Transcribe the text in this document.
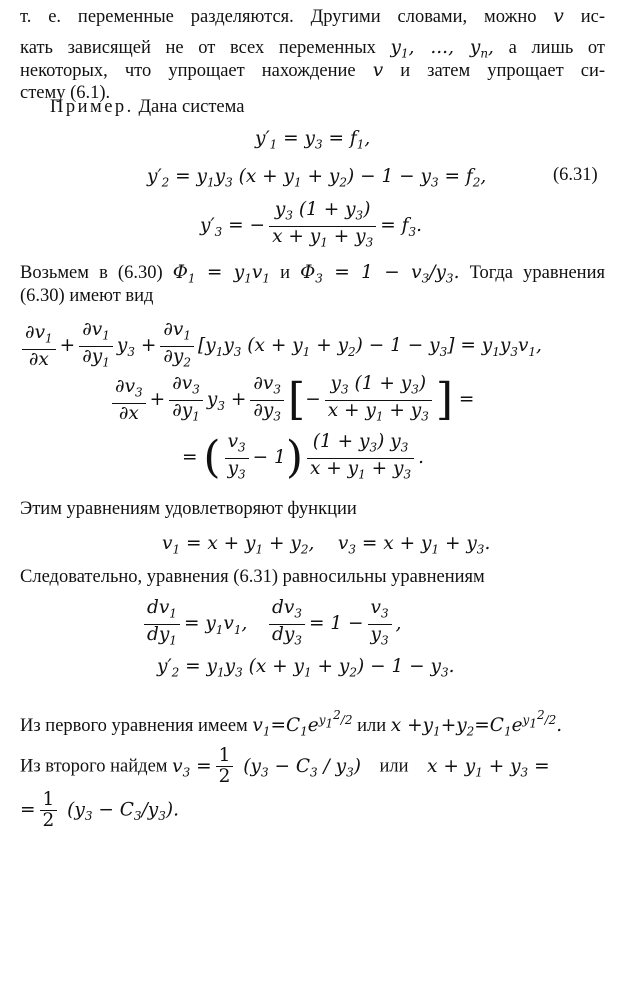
т. е. переменные разделяются. Другими словами, можно v ис-
кать зависящей не от всех переменных $y_1$, ..., $y_n$, а лишь от
некоторых, что упрощает нахождение v и затем упрощает си-
стему (6.1).
Пример. Дана система
$y'_1 = y_3 = f_1$,
$y'_2 = y_1y_3$ $(x + y_1 + y_2) - 1 - y_3 = f_2$,	(6.31)
$y'_3$ = − $\frac{y_3 (1 + y_3)}{x + y_1 + y_3} = f_3$.
Возьмем в (6.30) $\Phi_1 = y_1v_1$ и $\Phi_3 = 1 - v_3/y_3$. Тогда уравнения
(6.30) имеют вид
$\frac{\partial v_1}{\partial x} + \frac{\partial v_1}{\partial y_1} y_3 + \frac{\partial v_1}{\partial y_2} [y_1y_3$ $(x + y_1 + y_2) - 1 - y_3] = y_1y_3v_1$,
$\frac{\partial v_3}{\partial x} + \frac{\partial v_3}{\partial y_1} y_3 + \frac{\partial v_3}{\partial y_3}$ [− $\frac{y_3 (1 + y_3)}{x + y_1 + y_3}$ ] =
= ( $\frac{v_3}{y_3} - 1) \frac{(1 + y_3) y_3}{x + y_1 + y_3}$ .
Этим уравнениям удовлетворяют функции
$v_1 = x + y_1 + y_2$,    $v_3 = x + y_1 + y_3$.
Следовательно, уравнения (6.31) равносильны уравнениям
$\frac{dv_1}{dy_1} = y_1v_1$, $\frac{dv_3}{dy_3} = 1 - \frac{v_3}{y_3}$ ,
$y'_2 = y_1y_3$ $(x + y_1 + y_2) - 1 - y_3$.
Из первого уравнения имеем $v_1=C_1e^{y_1^2/2}$ или $x +y_1+y_2=C_1e^{y_1^2/2}$.
Из второго найдем $v_3 = \frac{1}{2} (y_3 - C_3 / y_3)$ или $x + y_1 + y_3$ =
= $\frac{1}{2} (y_3 - C_3/y_3)$.
